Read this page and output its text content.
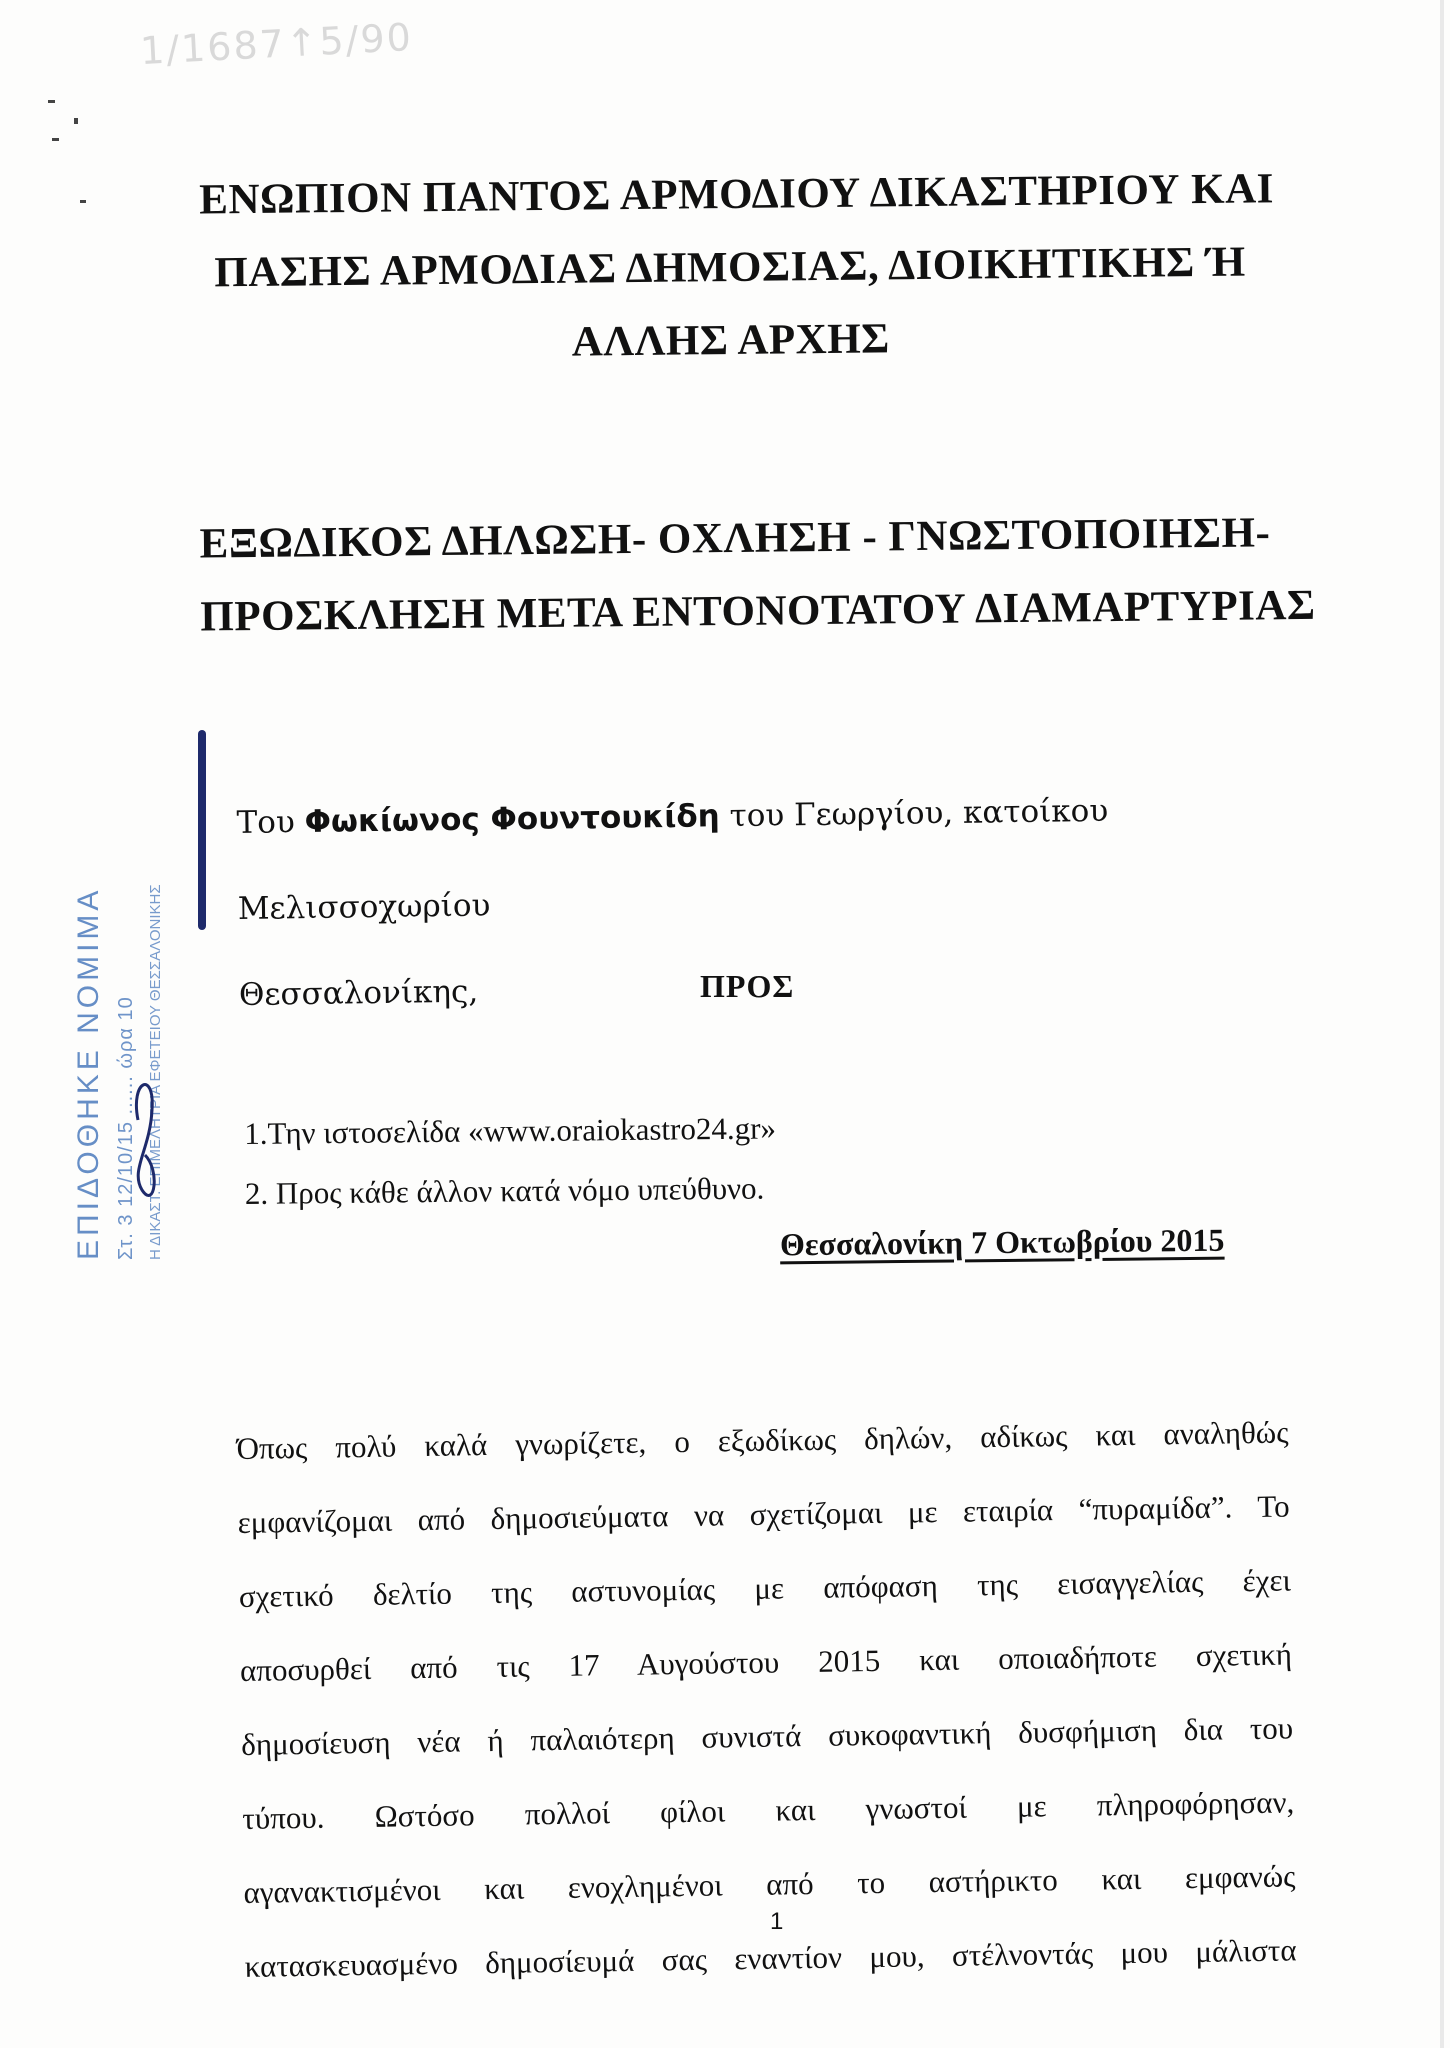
1∕1687↑5∕90
ΕΝΩΠΙΟΝ ΠΑΝΤΟΣ ΑΡΜΟΔΙΟΥ ΔΙΚΑΣΤΗΡΙΟΥ ΚΑΙ
ΠΑΣΗΣ ΑΡΜΟΔΙΑΣ ΔΗΜΟΣΙΑΣ, ΔΙΟΙΚΗΤΙΚΗΣ Ή
ΑΛΛΗΣ ΑΡΧΗΣ
ΕΞΩΔΙΚΟΣ ΔΗΛΩΣΗ- ΟΧΛΗΣΗ - ΓΝΩΣΤΟΠΟΙΗΣΗ-
ΠΡΟΣΚΛΗΣΗ ΜΕΤΑ ΕΝΤΟΝΟΤΑΤΟΥ ΔΙΑΜΑΡΤΥΡΙΑΣ
ΕΠΙΔΟΘΗΚΕ ΝΟΜΙΜΑ Στ. 3 12/10/15 ...... ώρα 10 Η ΔΙΚΑΣΤ. ΕΠΙΜΕΛΗΤΡΙΑ ΕΦΕΤΕΙΟΥ ΘΕΣΣΑΛΟΝΙΚΗΣ
Του Φωκίωνος Φουντουκίδη του Γεωργίου, κατοίκου Μελισσοχωρίου
Θεσσαλονίκης,	ΠΡΟΣ
1.Την ιστοσελίδα «www.oraiokastro24.gr»
2. Προς κάθε άλλον κατά νόμο υπεύθυνο.
Θεσσαλονίκη 7 Οκτωβρίου 2015
Όπως πολύ καλά γνωρίζετε, ο εξωδίκως δηλών, αδίκως και αναληθώς
εμφανίζομαι από δημοσιεύματα να σχετίζομαι με εταιρία “πυραμίδα”. Το
σχετικό δελτίο της αστυνομίας με απόφαση της εισαγγελίας έχει
αποσυρθεί από τις 17 Αυγούστου 2015 και οποιαδήποτε σχετική
δημοσίευση νέα ή παλαιότερη συνιστά συκοφαντική δυσφήμιση δια του
τύπου. Ωστόσο πολλοί φίλοι και γνωστοί με πληροφόρησαν,
αγανακτισμένοι και ενοχλημένοι από το αστήρικτο και εμφανώς
κατασκευασμένο δημοσίευμά σας εναντίον μου, στέλνοντάς μου μάλιστα
1
